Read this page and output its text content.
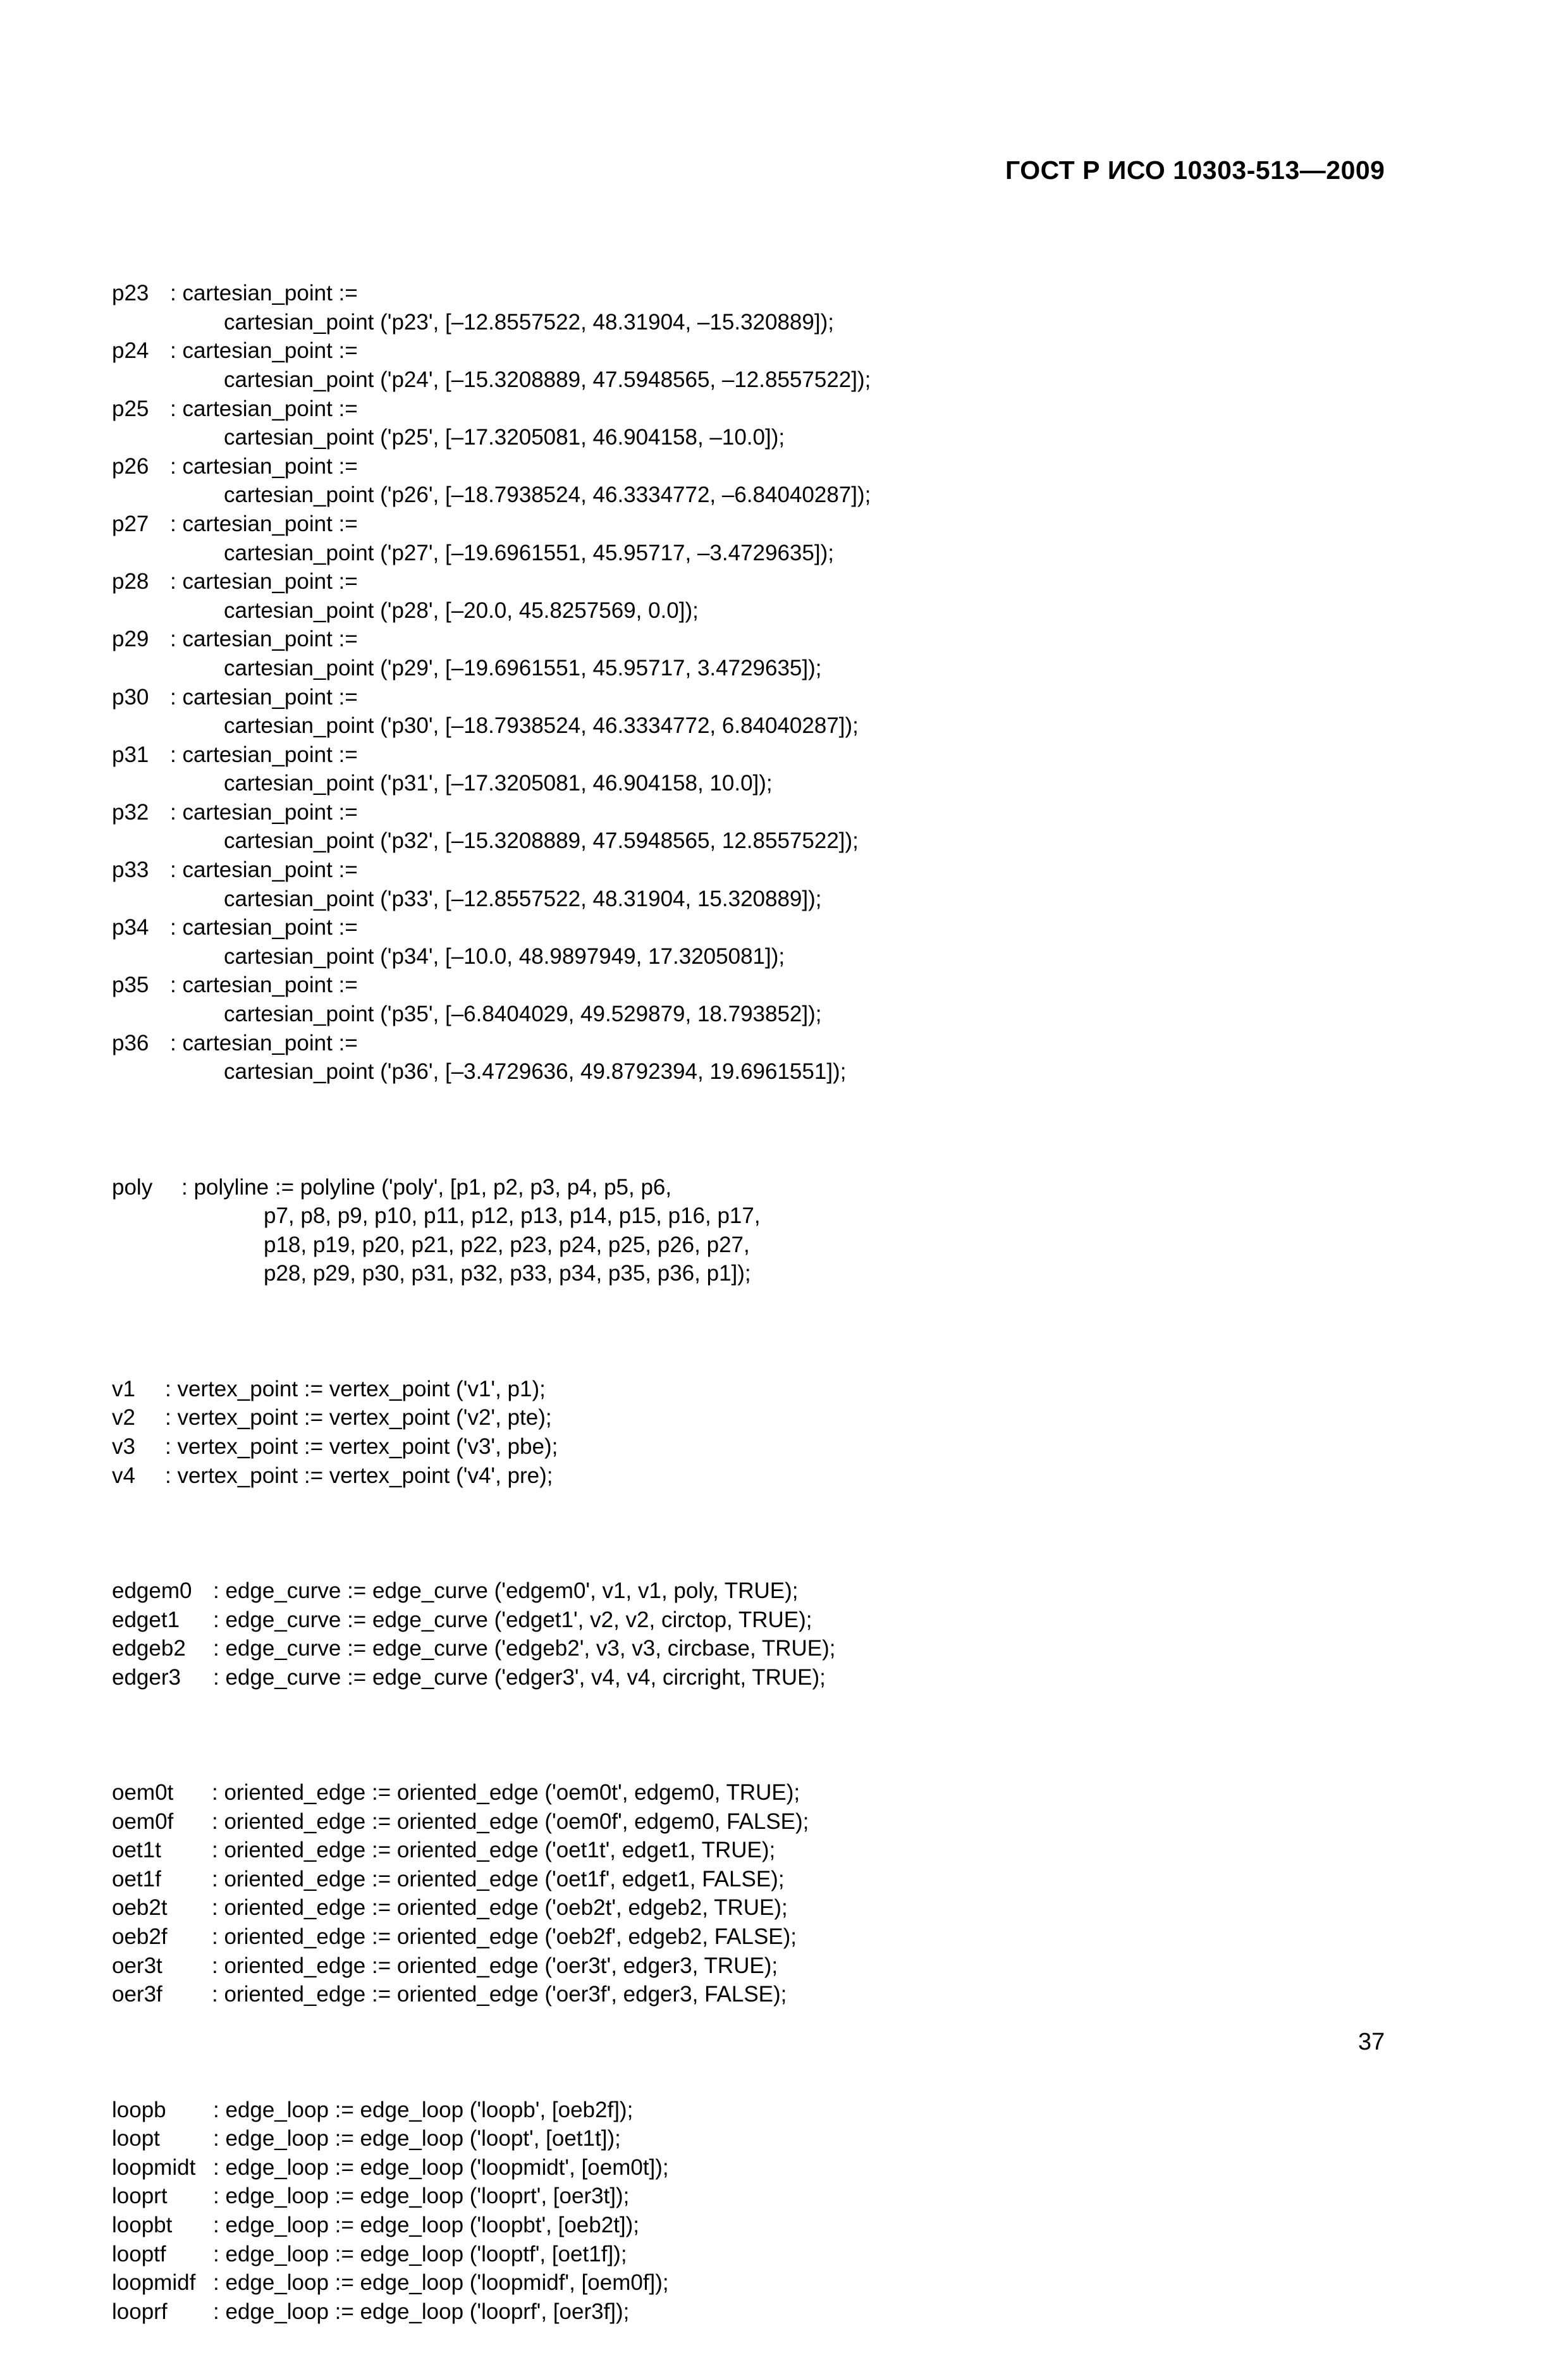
ГОСТ Р ИСО 10303-513—2009

p23 : cartesian_point :=
cartesian_point ('p23', [–12.8557522, 48.31904, –15.320889]);
p24 : cartesian_point :=
cartesian_point ('p24', [–15.3208889, 47.5948565, –12.8557522]);
p25 : cartesian_point :=
cartesian_point ('p25', [–17.3205081, 46.904158, –10.0]);
p26 : cartesian_point :=
cartesian_point ('p26', [–18.7938524, 46.3334772, –6.84040287]);
p27 : cartesian_point :=
cartesian_point ('p27', [–19.6961551, 45.95717, –3.4729635]);
p28 : cartesian_point :=
cartesian_point ('p28', [–20.0, 45.8257569, 0.0]);
p29 : cartesian_point :=
cartesian_point ('p29', [–19.6961551, 45.95717, 3.4729635]);
p30 : cartesian_point :=
cartesian_point ('p30', [–18.7938524, 46.3334772, 6.84040287]);
p31 : cartesian_point :=
cartesian_point ('p31', [–17.3205081, 46.904158, 10.0]);
p32 : cartesian_point :=
cartesian_point ('p32', [–15.3208889, 47.5948565, 12.8557522]);
p33 : cartesian_point :=
cartesian_point ('p33', [–12.8557522, 48.31904, 15.320889]);
p34 : cartesian_point :=
cartesian_point ('p34', [–10.0, 48.9897949, 17.3205081]);
p35 : cartesian_point :=
cartesian_point ('p35', [–6.8404029, 49.529879, 18.793852]);
p36 : cartesian_point :=
cartesian_point ('p36', [–3.4729636, 49.8792394, 19.6961551]);

poly	: polyline := polyline ('poly', [p1, p2, p3, p4, p5, p6,
p7, p8, p9, p10, p11, p12, p13, p14, p15, p16, p17,
p18, p19, p20, p21, p22, p23, p24, p25, p26, p27,
p28, p29, p30, p31, p32, p33, p34, p35, p36, p1]);

v1	: vertex_point := vertex_point ('v1', p1);
v2	: vertex_point := vertex_point ('v2', pte);
v3	: vertex_point := vertex_point ('v3', pbe);
v4	: vertex_point := vertex_point ('v4', pre);

edgem0 : edge_curve := edge_curve ('edgem0', v1, v1, poly, TRUE);
edget1	: edge_curve := edge_curve ('edget1', v2, v2, circtop, TRUE);
edgeb2	: edge_curve := edge_curve ('edgeb2', v3, v3, circbase, TRUE);
edger3	: edge_curve := edge_curve ('edger3', v4, v4, circright, TRUE);

oem0t	: oriented_edge := oriented_edge ('oem0t', edgem0, TRUE);
oem0f	: oriented_edge := oriented_edge ('oem0f', edgem0, FALSE);
oet1t	: oriented_edge := oriented_edge ('oet1t', edget1, TRUE);
oet1f	: oriented_edge := oriented_edge ('oet1f', edget1, FALSE);
oeb2t	: oriented_edge := oriented_edge ('oeb2t', edgeb2, TRUE);
oeb2f	: oriented_edge := oriented_edge ('oeb2f', edgeb2, FALSE);
oer3t	: oriented_edge := oriented_edge ('oer3t', edger3, TRUE);
oer3f	: oriented_edge := oriented_edge ('oer3f', edger3, FALSE);

loopb	: edge_loop := edge_loop ('loopb', [oeb2f]);
loopt	: edge_loop := edge_loop ('loopt', [oet1t]);
loopmidt : edge_loop := edge_loop ('loopmidt', [oem0t]);
looprt	: edge_loop := edge_loop ('looprt', [oer3t]);
loopbt	: edge_loop := edge_loop ('loopbt', [oeb2t]);
looptf	: edge_loop := edge_loop ('looptf', [oet1f]);
loopmidf : edge_loop := edge_loop ('loopmidf', [oem0f]);
looprf	: edge_loop := edge_loop ('looprf', [oer3f]);

37
